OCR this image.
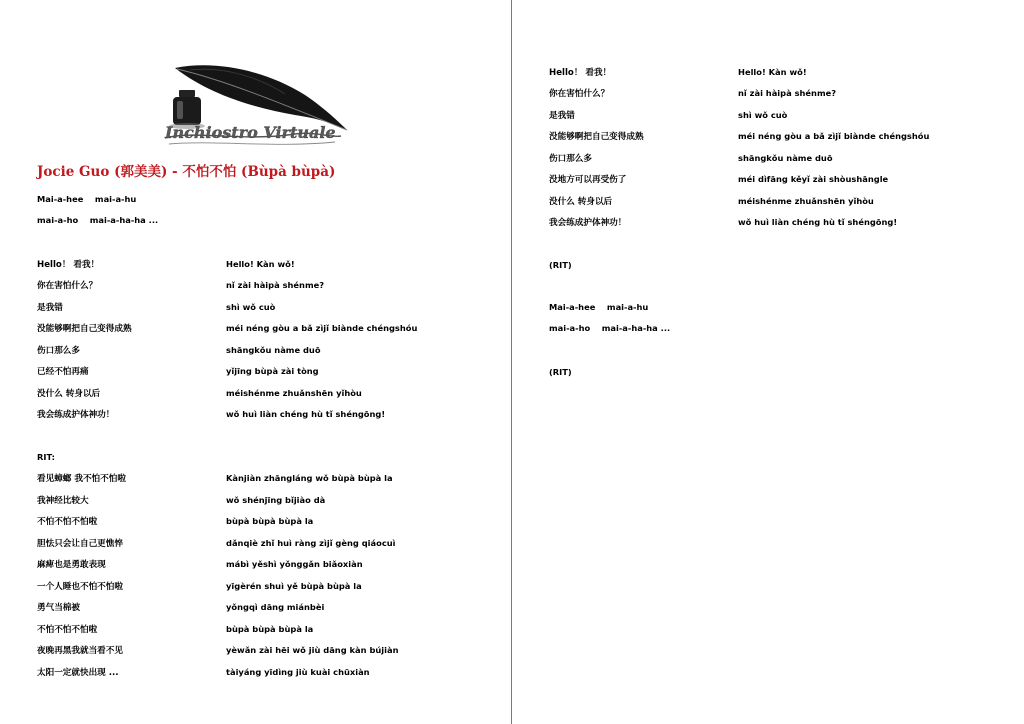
Inchiostro Virtuale
Jocie Guo (郭美美) - 不怕不怕 (Bùpà bùpà)
Mai-a-hee mai-a-hu
mai-a-ho mai-a-ha-ha ...
Hello！ 看我！	Hello! Kàn wǒ!
你在害怕什么？	nǐ zài hàipà shénme?
是我错	shì wǒ cuò
没能够啊把自己变得成熟	méi néng gòu a bǎ zìjǐ biànde chéngshóu
伤口那么多	shāngkǒu nàme duō
已经不怕再痛	yǐjīng bùpà zài tòng
没什么 转身以后	méishénme zhuǎnshēn yǐhòu
我会练成护体神功！	wǒ huì liàn chéng hù tǐ shéngōng!
RIT:
看见蟑螂 我不怕不怕啦	Kànjiàn zhāngláng wǒ bùpà bùpà la
我神经比较大	wǒ shénjīng bǐjiào dà
不怕不怕不怕啦	bùpà bùpà bùpà la
胆怯只会让自己更憔悴	dǎnqiè zhǐ huì ràng zìjǐ gèng qiáocuì
麻痺也是勇敢表现	mábì yěshì yǒnggǎn biǎoxiàn
一个人睡也不怕不怕啦	yīgèrén shuì yě bùpà bùpà la
勇气当棉被	yǒngqì dāng miánbèi
不怕不怕不怕啦	bùpà bùpà bùpà la
夜晚再黑我就当看不见	yèwǎn zài hēi wǒ jiù dāng kàn bújiàn
太阳一定就快出现 ...	tàiyáng yīdìng jiù kuài chūxiàn
Hello！ 看我！	Hello! Kàn wǒ!
你在害怕什么？	nǐ zài hàipà shénme?
是我错	shì wǒ cuò
没能够啊把自己变得成熟	méi néng gòu a bǎ zìjǐ biànde chéngshóu
伤口那么多	shāngkǒu nàme duō
没地方可以再受伤了	méi dìfāng kěyǐ zài shòushāngle
没什么 转身以后	méishénme zhuǎnshēn yǐhòu
我会练成护体神功！	wǒ huì liàn chéng hù tǐ shéngōng!
(RIT)
Mai-a-hee mai-a-hu
mai-a-ho mai-a-ha-ha ...
(RIT)
